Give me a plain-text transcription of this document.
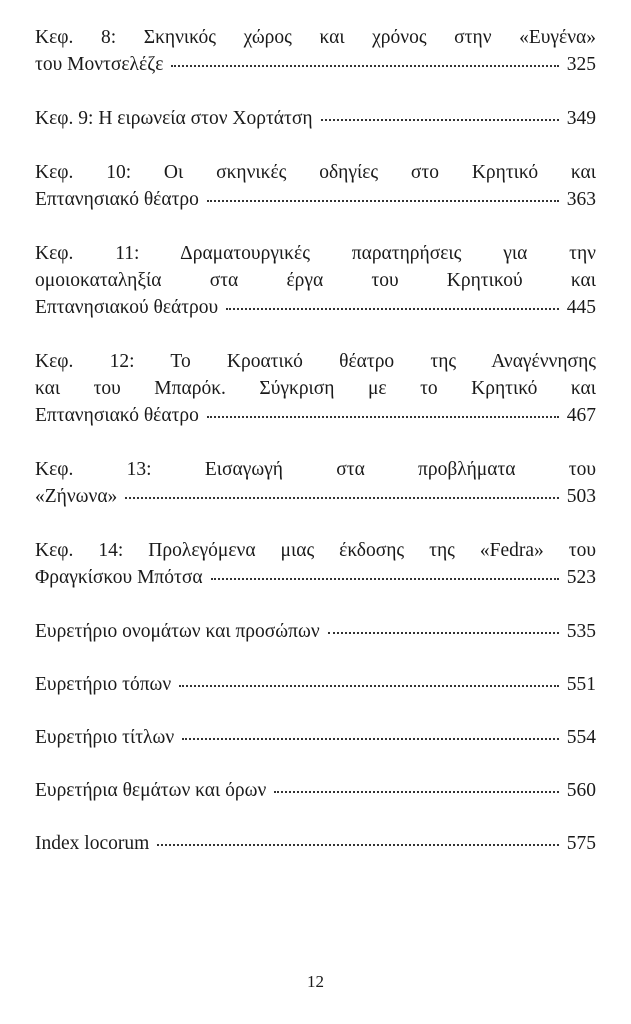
Κεφ. 8: Σκηνικός χώρος και χρόνος στην «Ευγένα»
του Μοντσελέζε	325
Κεφ. 9: Η ειρωνεία στον Χορτάτση	349
Κεφ. 10: Οι σκηνικές οδηγίες στο Κρητικό και
Επτανησιακό θέατρο	363
Κεφ. 11: Δραματουργικές παρατηρήσεις για την
ομοιοκαταληξία στα έργα του Κρητικού και
Επτανησιακού θεάτρου	445
Κεφ. 12: Το Κροατικό θέατρο της Αναγέννησης
και του Μπαρόκ. Σύγκριση με το Κρητικό και
Επτανησιακό θέατρο	467
Κεφ. 13: Εισαγωγή στα προβλήματα του
«Ζήνωνα»	503
Κεφ. 14: Προλεγόμενα μιας έκδοσης της «Fedra» του
Φραγκίσκου Μπότσα	523
Ευρετήριο ονομάτων και προσώπων	535
Ευρετήριο τόπων	551
Ευρετήριο τίτλων	554
Ευρετήρια θεμάτων και όρων	560
Index locorum	575
12
